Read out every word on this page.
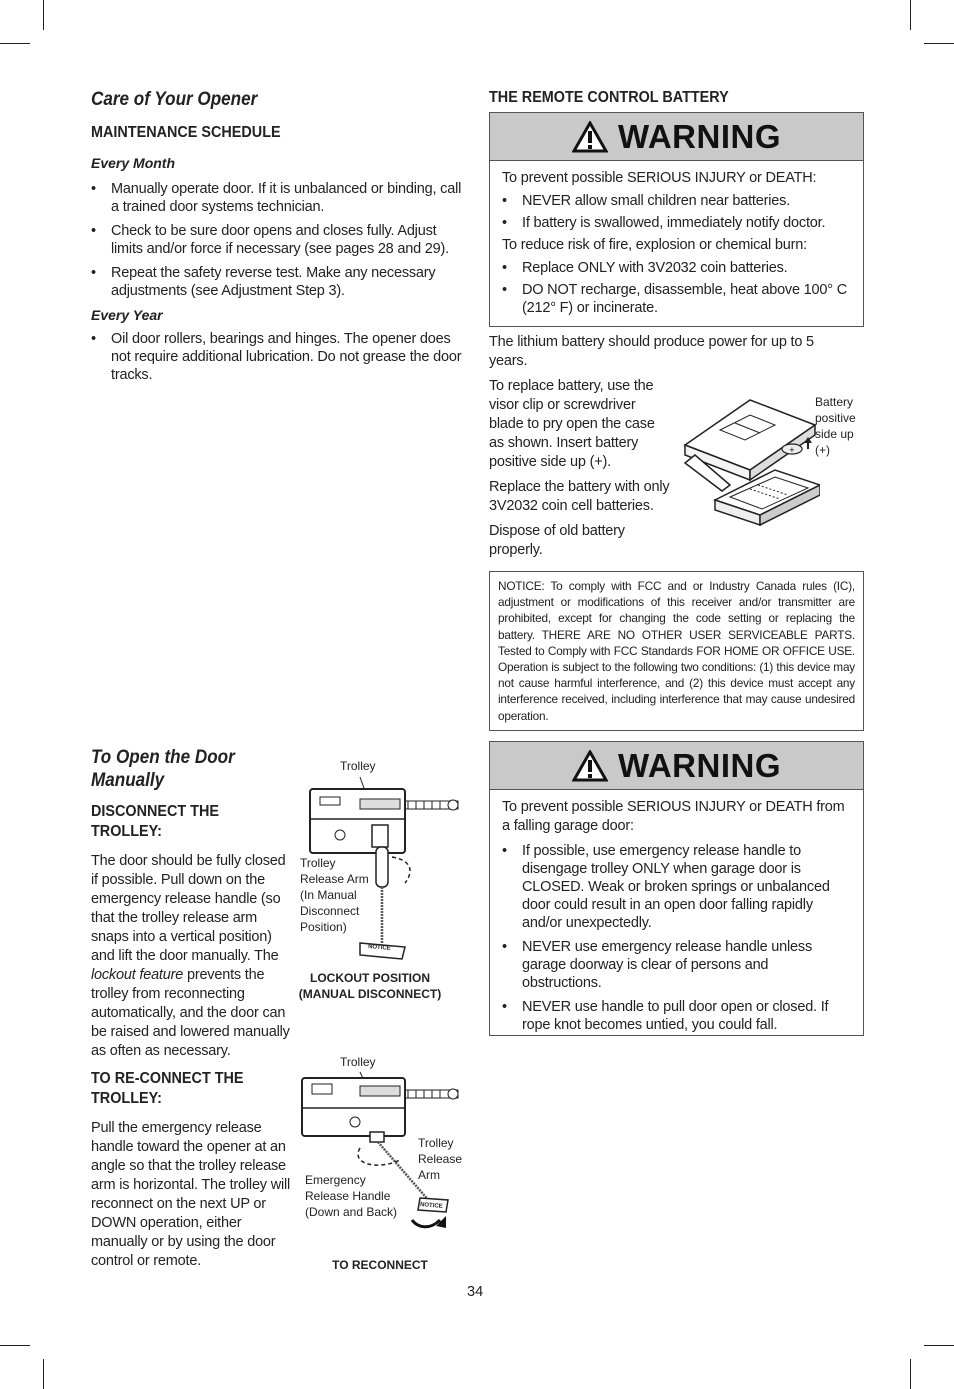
Care of Your Opener
MAINTENANCE SCHEDULE
Every Month
• Manually operate door. If it is unbalanced or binding, call a trained door systems technician.
• Check to be sure door opens and closes fully. Adjust limits and/or force if necessary (see pages 28 and 29).
• Repeat the safety reverse test. Make any necessary adjustments (see Adjustment Step 3).
Every Year
• Oil door rollers, bearings and hinges. The opener does not require additional lubrication. Do not grease the door tracks.
THE REMOTE CONTROL BATTERY
WARNING

To prevent possible SERIOUS INJURY or DEATH:

• NEVER allow small children near batteries.
• If battery is swallowed, immediately notify doctor.

To reduce risk of fire, explosion or chemical burn:

• Replace ONLY with 3V2032 coin batteries.
• DO NOT recharge, disassemble, heat above 100° C (212° F) or incinerate.

The lithium battery should produce power for up to 5 years.

To replace battery, use the visor clip or screwdriver blade to pry open the case as shown. Insert battery positive side up (+).

Replace the battery with only 3V2032 coin cell batteries.

Dispose of old battery properly.

+
Battery positive side up (+)
NOTICE: To comply with FCC and or Industry Canada rules (IC), adjustment or modifications of this receiver and/or transmitter are prohibited, except for changing the code setting or replacing the battery. THERE ARE NO OTHER USER SERVICEABLE PARTS. Tested to Comply with FCC Standards FOR HOME OR OFFICE USE. Operation is subject to the following two conditions: (1) this device may not cause harmful interference, and (2) this device must accept any interference received, including interference that may cause undesired operation.
To Open the Door Manually
DISCONNECT THE TROLLEY:

The door should be fully closed if possible. Pull down on the emergency release handle (so that the trolley release arm snaps into a vertical position) and lift the door manually. The lockout feature prevents the trolley from reconnecting automatically, and the door can be raised and lowered manually as often as necessary.

TO RE-CONNECT THE TROLLEY:

Pull the emergency release handle toward the opener at an angle so that the trolley release arm is horizontal. The trolley will reconnect on the next UP or DOWN operation, either manually or by using the door control or remote.

Trolley
NOTICE
Trolley Release Arm (In Manual Disconnect Position)
LOCKOUT POSITION
(MANUAL DISCONNECT)
Trolley
NOTICE
Trolley Release Arm
Emergency Release Handle (Down and Back)
TO RECONNECT
WARNING

To prevent possible SERIOUS INJURY or DEATH from a falling garage door:

• If possible, use emergency release handle to disengage trolley ONLY when garage door is CLOSED. Weak or broken springs or unbalanced door could result in an open door falling rapidly and/or unexpectedly.
• NEVER use emergency release handle unless garage doorway is clear of persons and obstructions.
• NEVER use handle to pull door open or closed. If rope knot becomes untied, you could fall.
34
